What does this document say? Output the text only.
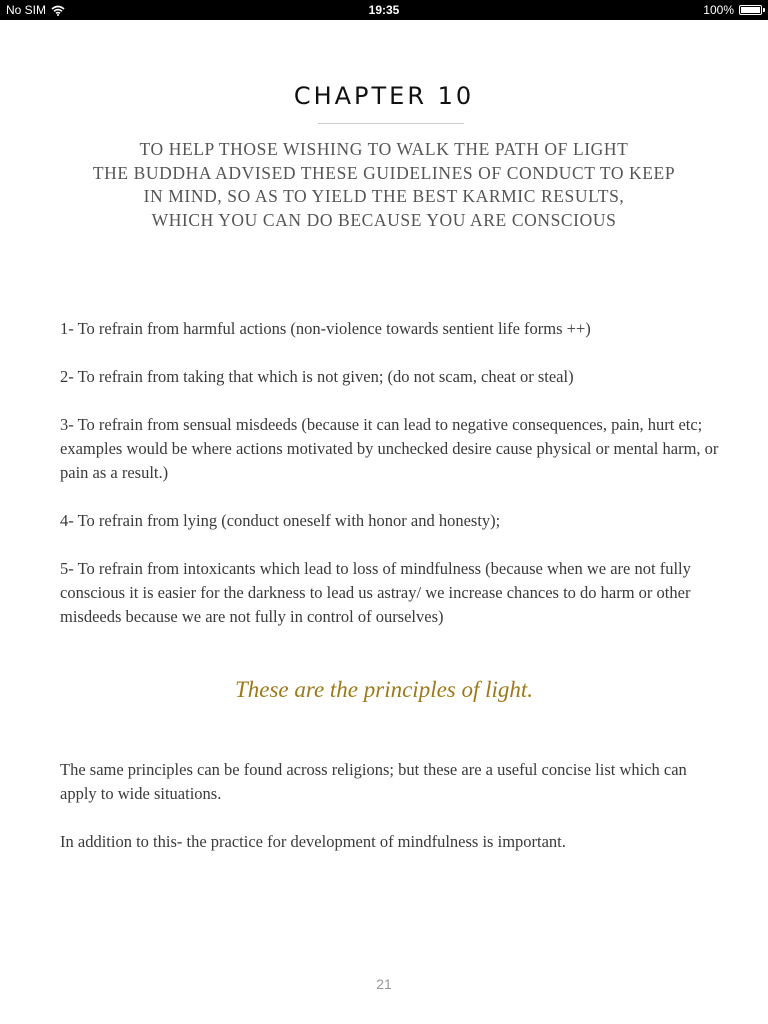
No SIM	19:35	100%
CHAPTER 10
TO HELP THOSE WISHING TO WALK THE PATH OF LIGHT
THE BUDDHA ADVISED THESE GUIDELINES OF CONDUCT TO KEEP
IN MIND, SO AS TO YIELD THE BEST KARMIC RESULTS,
WHICH YOU CAN DO BECAUSE YOU ARE CONSCIOUS

1- To refrain from harmful actions (non-violence towards sentient life forms ++)

2- To refrain from taking that which is not given; (do not scam, cheat or steal)

3- To refrain from sensual misdeeds (because it can lead to negative consequences, pain, hurt etc; examples would be where actions motivated by unchecked desire cause physical or mental harm, or pain as a result.)

4- To refrain from lying (conduct oneself with honor and honesty);

5- To refrain from intoxicants which lead to loss of mindfulness (because when we are not fully conscious it is easier for the darkness to lead us astray/ we increase chances to do harm or other misdeeds because we are not fully in control of ourselves)

These are the principles of light.

The same principles can be found across religions; but these are a useful concise list which can apply to wide situations.

In addition to this- the practice for development of mindfulness is important.

21
